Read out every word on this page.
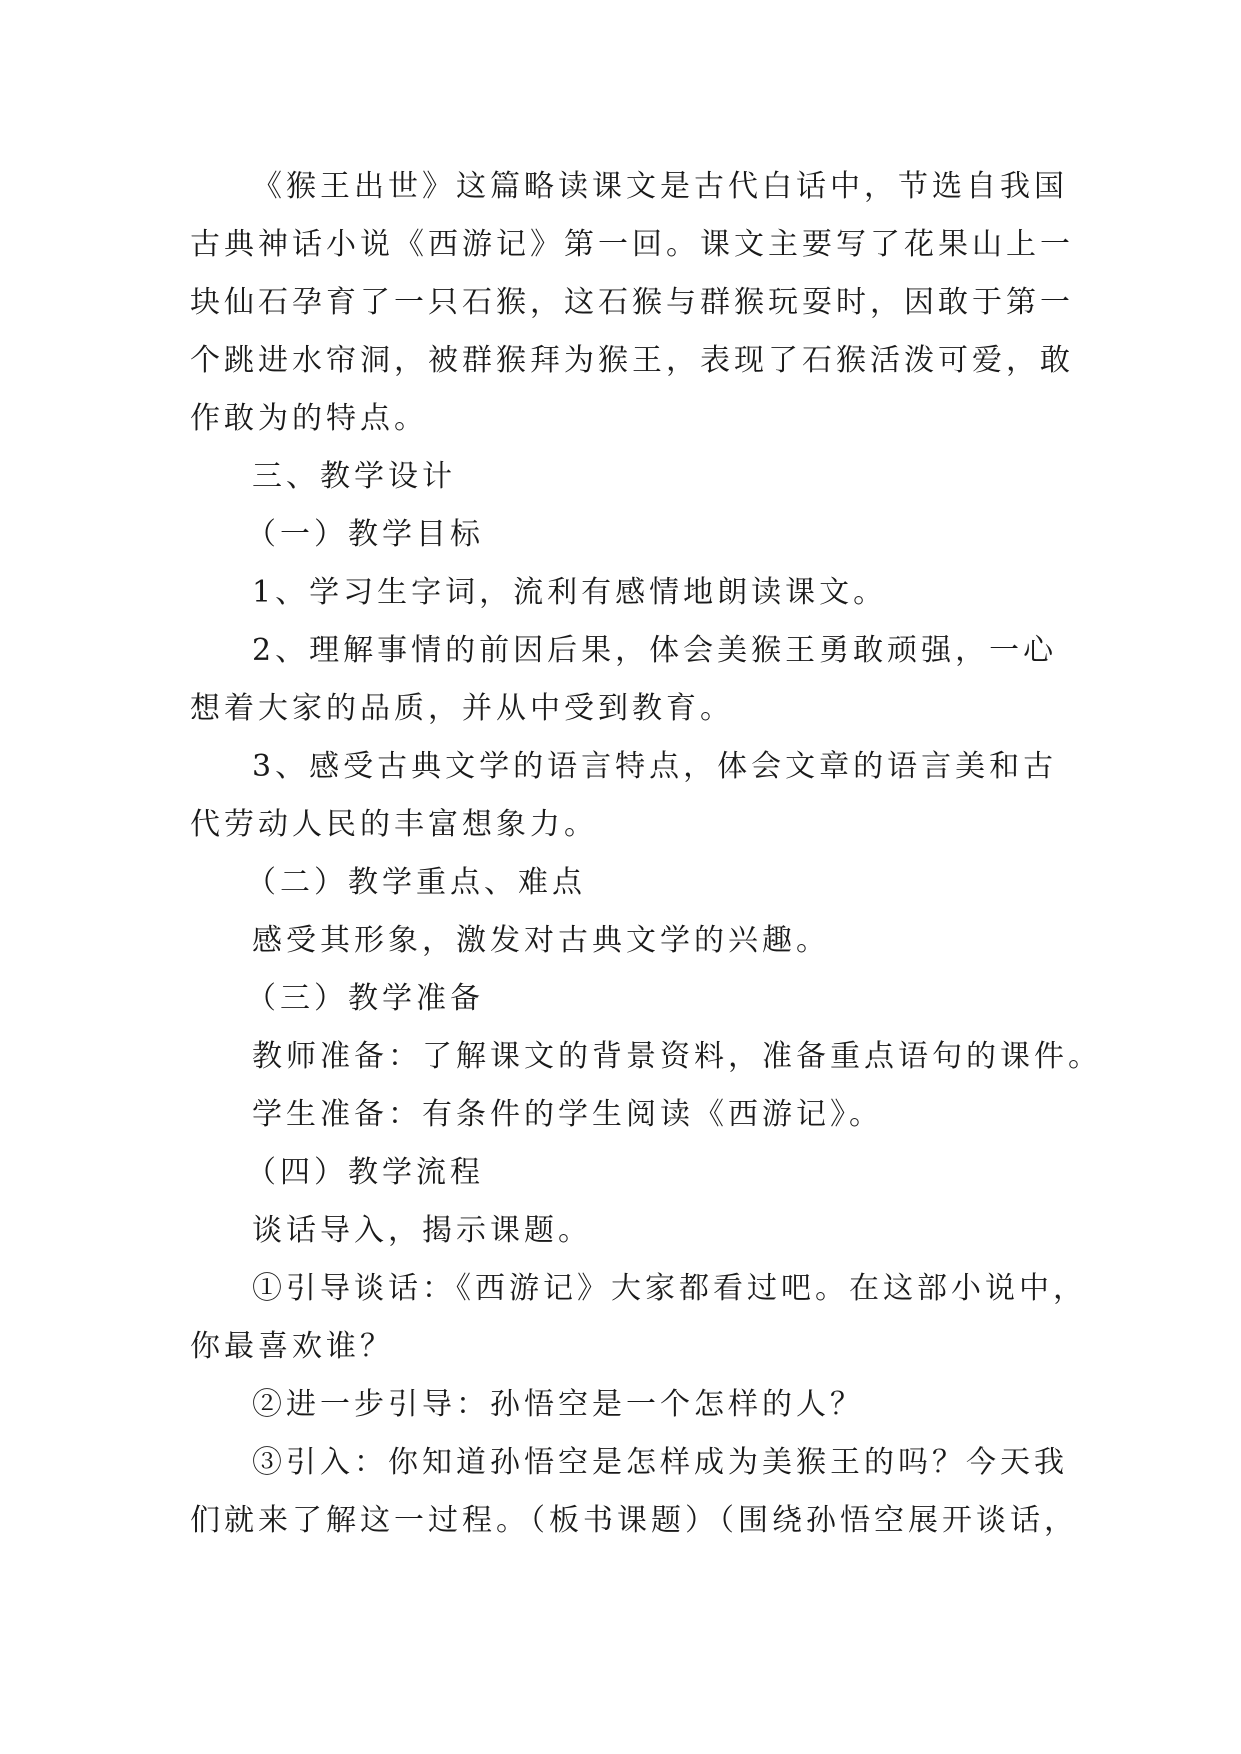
《猴王出世》这篇略读课文是古代白话中，节选自我国

古典神话小说《西游记》第一回。课文主要写了花果山上一

块仙石孕育了一只石猴，这石猴与群猴玩耍时，因敢于第一

个跳进水帘洞，被群猴拜为猴王，表现了石猴活泼可爱，敢

作敢为的特点。

三、教学设计

（一）教学目标

1、学习生字词，流利有感情地朗读课文。

2、理解事情的前因后果，体会美猴王勇敢顽强，一心

想着大家的品质，并从中受到教育。

3、感受古典文学的语言特点，体会文章的语言美和古

代劳动人民的丰富想象力。

（二）教学重点、难点

感受其形象，激发对古典文学的兴趣。

（三）教学准备

教师准备：了解课文的背景资料，准备重点语句的课件。

学生准备：有条件的学生阅读《西游记》。

（四）教学流程

谈话导入，揭示课题。

①引导谈话：《西游记》大家都看过吧。在这部小说中，

你最喜欢谁？

②进一步引导：孙悟空是一个怎样的人？

③引入：你知道孙悟空是怎样成为美猴王的吗？今天我

们就来了解这一过程。（板书课题）（围绕孙悟空展开谈话，
